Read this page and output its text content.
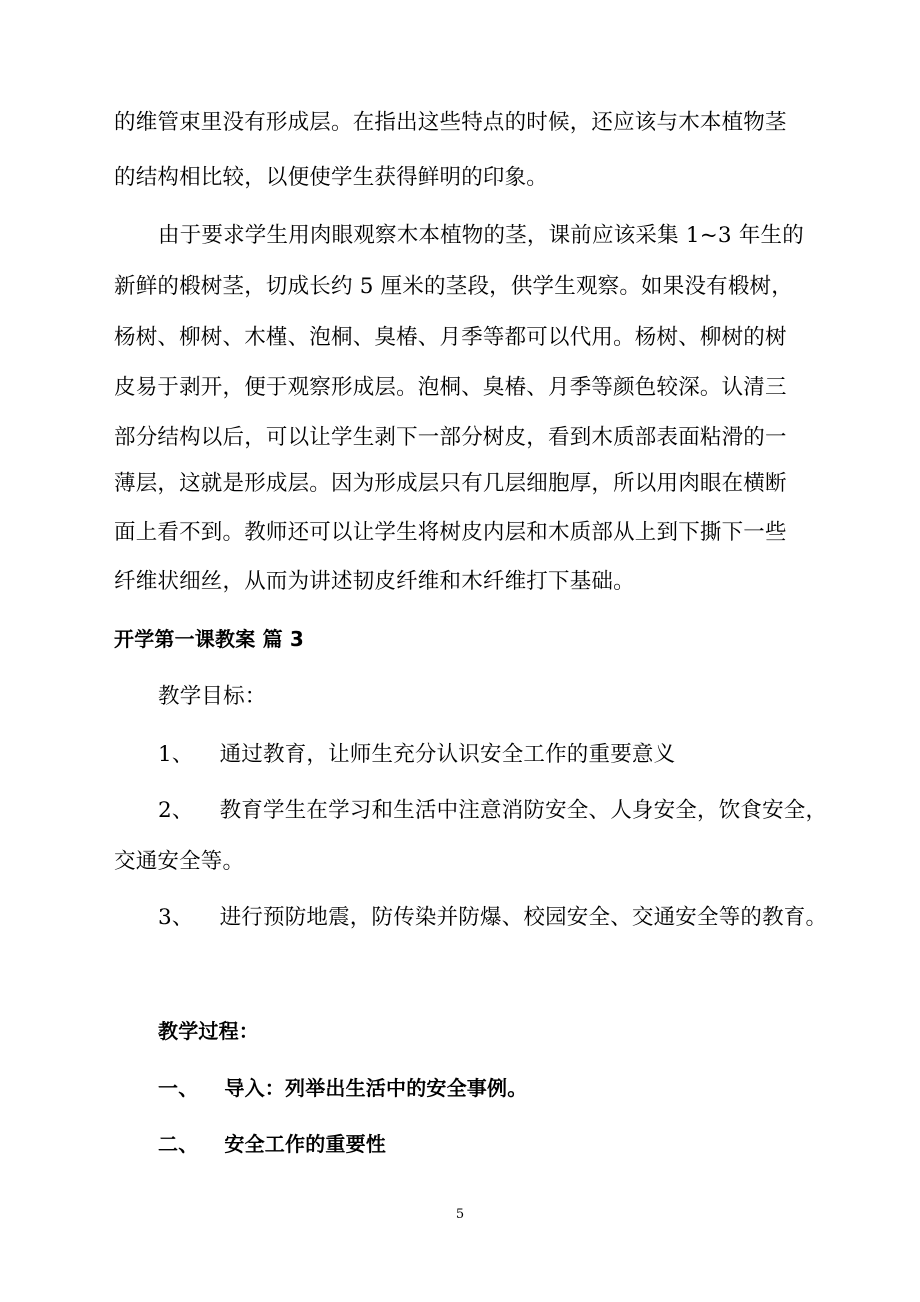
的维管束里没有形成层。在指出这些特点的时候，还应该与木本植物茎
的结构相比较，以便使学生获得鲜明的印象。
由于要求学生用肉眼观察木本植物的茎，课前应该采集 1~3 年生的
新鲜的椴树茎，切成长约 5 厘米的茎段，供学生观察。如果没有椴树，
杨树、柳树、木槿、泡桐、臭椿、月季等都可以代用。杨树、柳树的树
皮易于剥开，便于观察形成层。泡桐、臭椿、月季等颜色较深。认清三
部分结构以后，可以让学生剥下一部分树皮，看到木质部表面粘滑的一
薄层，这就是形成层。因为形成层只有几层细胞厚，所以用肉眼在横断
面上看不到。教师还可以让学生将树皮内层和木质部从上到下撕下一些
纤维状细丝，从而为讲述韧皮纤维和木纤维打下基础。
开学第一课教案 篇 3
教学目标：
1、 通过教育，让师生充分认识安全工作的重要意义
2、 教育学生在学习和生活中注意消防安全、人身安全，饮食安全，
交通安全等。
3、 进行预防地震，防传染并防爆、校园安全、交通安全等的教育。
教学过程：
一、 导入：列举出生活中的安全事例。
二、 安全工作的重要性
5
